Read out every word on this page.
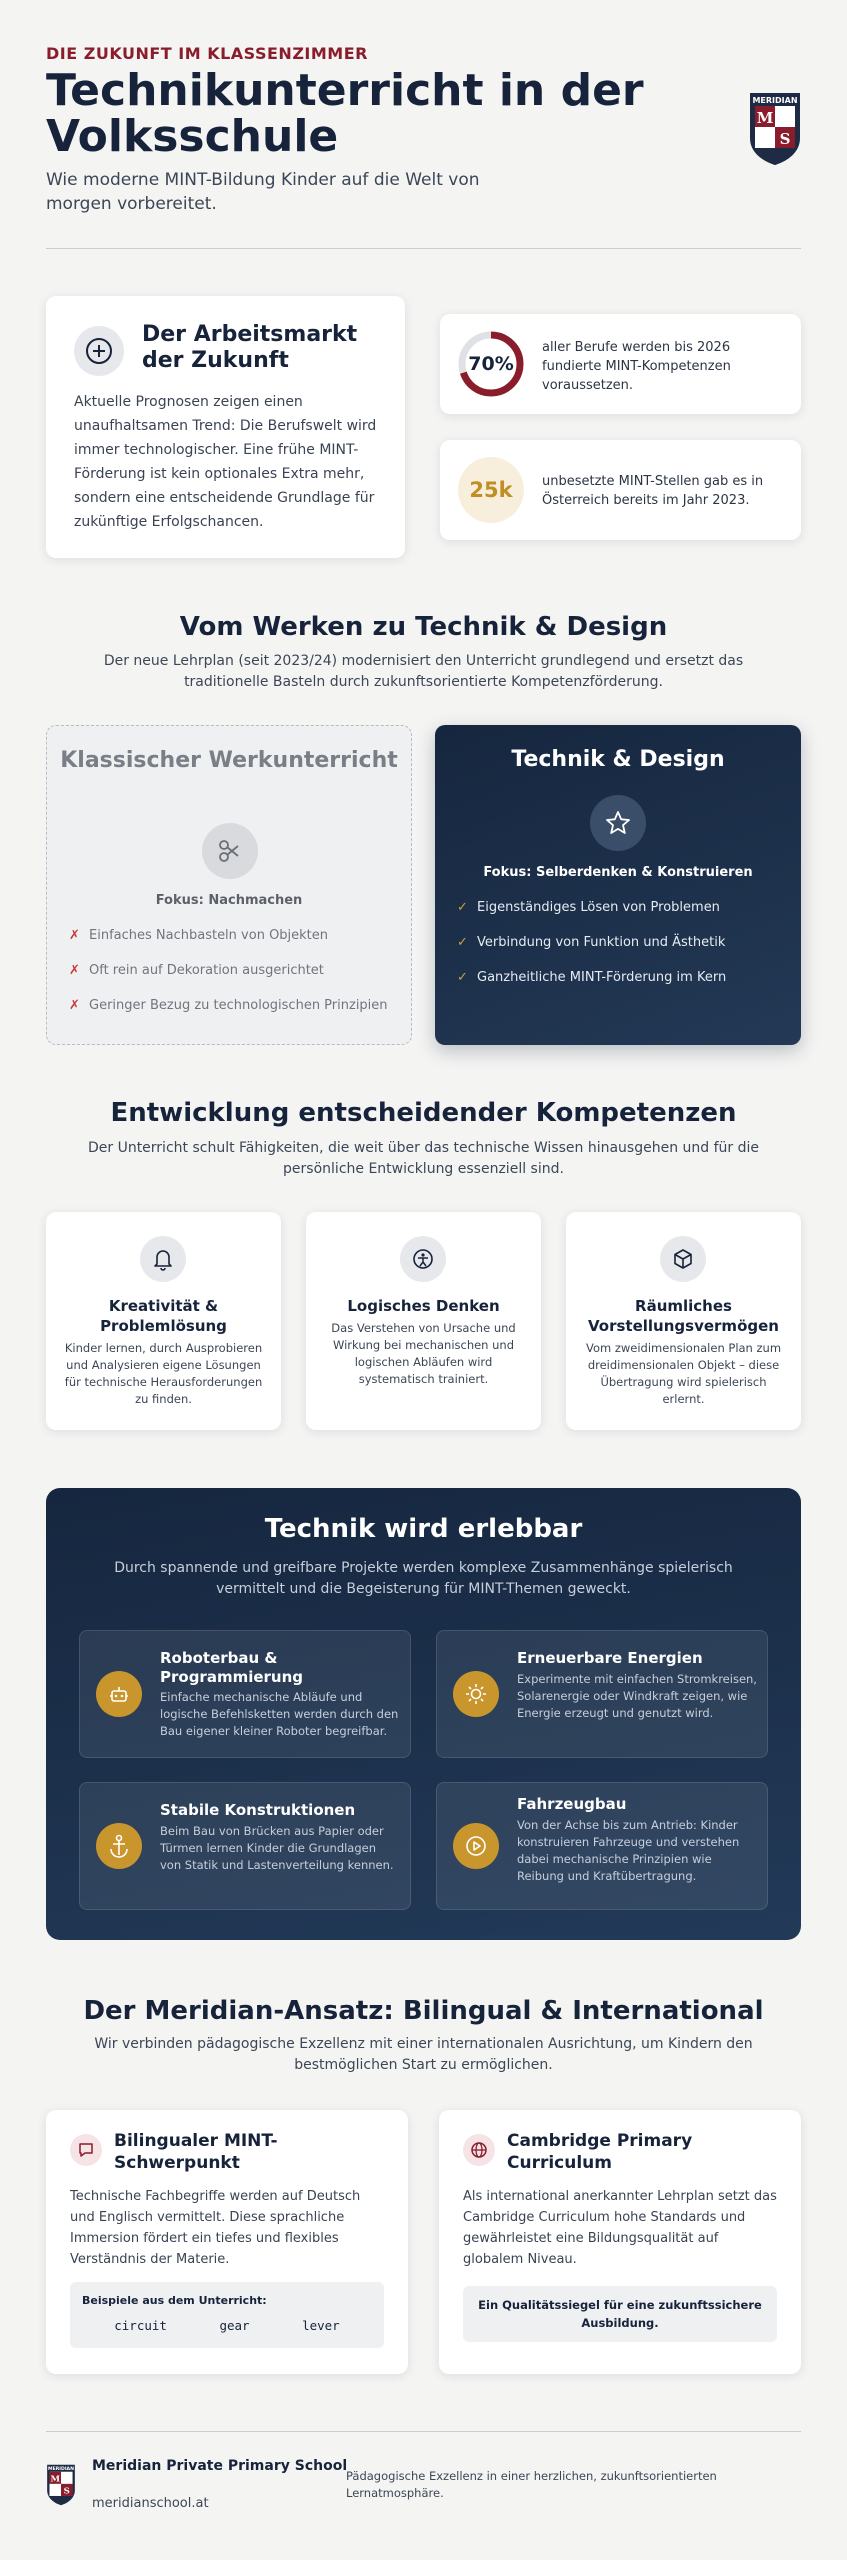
DIE ZUKUNFT IM KLASSENZIMMER
Technikunterricht in der Volksschule
Wie moderne MINT-Bildung Kinder auf die Welt von morgen vorbereitet.
MERIDIAN
M
S
Der Arbeitsmarkt der Zukunft
Aktuelle Prognosen zeigen einen unaufhaltsamen Trend: Die Berufswelt wird immer technologischer. Eine frühe MINT-Förderung ist kein optionales Extra mehr, sondern eine entscheidende Grundlage für zukünftige Erfolgschancen.
70%
aller Berufe werden bis 2026 fundierte MINT-Kompetenzen voraussetzen.
25k	unbesetzte MINT-Stellen gab es in Österreich bereits im Jahr 2023.
Vom Werken zu Technik & Design
Der neue Lehrplan (seit 2023/24) modernisiert den Unterricht grundlegend und ersetzt das traditionelle Basteln durch zukunftsorientierte Kompetenzförderung.
Klassischer Werkunterricht
Fokus: Nachmachen
✗ Einfaches Nachbasteln von Objekten
✗ Oft rein auf Dekoration ausgerichtet
✗ Geringer Bezug zu technologischen Prinzipien
Technik & Design
Fokus: Selberdenken & Konstruieren
✓ Eigenständiges Lösen von Problemen
✓ Verbindung von Funktion und Ästhetik
✓ Ganzheitliche MINT-Förderung im Kern
Entwicklung entscheidender Kompetenzen
Der Unterricht schult Fähigkeiten, die weit über das technische Wissen hinausgehen und für die persönliche Entwicklung essenziell sind.
Kreativität & Problemlösung
Kinder lernen, durch Ausprobieren und Analysieren eigene Lösungen für technische Herausforderungen zu finden.
Logisches Denken
Das Verstehen von Ursache und Wirkung bei mechanischen und logischen Abläufen wird systematisch trainiert.
Räumliches Vorstellungsvermögen
Vom zweidimensionalen Plan zum dreidimensionalen Objekt – diese Übertragung wird spielerisch erlernt.
Technik wird erlebbar
Durch spannende und greifbare Projekte werden komplexe Zusammenhänge spielerisch vermittelt und die Begeisterung für MINT-Themen geweckt.
Roboterbau & Programmierung
Einfache mechanische Abläufe und logische Befehlsketten werden durch den Bau eigener kleiner Roboter begreifbar.
Erneuerbare Energien
Experimente mit einfachen Stromkreisen, Solarenergie oder Windkraft zeigen, wie Energie erzeugt und genutzt wird.
Stabile Konstruktionen
Beim Bau von Brücken aus Papier oder Türmen lernen Kinder die Grundlagen von Statik und Lastenverteilung kennen.
Fahrzeugbau
Von der Achse bis zum Antrieb: Kinder konstruieren Fahrzeuge und verstehen dabei mechanische Prinzipien wie Reibung und Kraftübertragung.
Der Meridian-Ansatz: Bilingual & International
Wir verbinden pädagogische Exzellenz mit einer internationalen Ausrichtung, um Kindern den bestmöglichen Start zu ermöglichen.
Bilingualer MINT-Schwerpunkt
Technische Fachbegriffe werden auf Deutsch und Englisch vermittelt. Diese sprachliche Immersion fördert ein tiefes und flexibles Verständnis der Materie.
Beispiele aus dem Unterricht:
circuit	gear	lever
Cambridge Primary Curriculum
Als international anerkannter Lehrplan setzt das Cambridge Curriculum hohe Standards und gewährleistet eine Bildungsqualität auf globalem Niveau.
Ein Qualitätssiegel für eine zukunftssichere Ausbildung.
MERIDIAN
M
S
Meridian Private Primary School
meridianschool.at
Pädagogische Exzellenz in einer herzlichen, zukunftsorientierten Lernatmosphäre.
